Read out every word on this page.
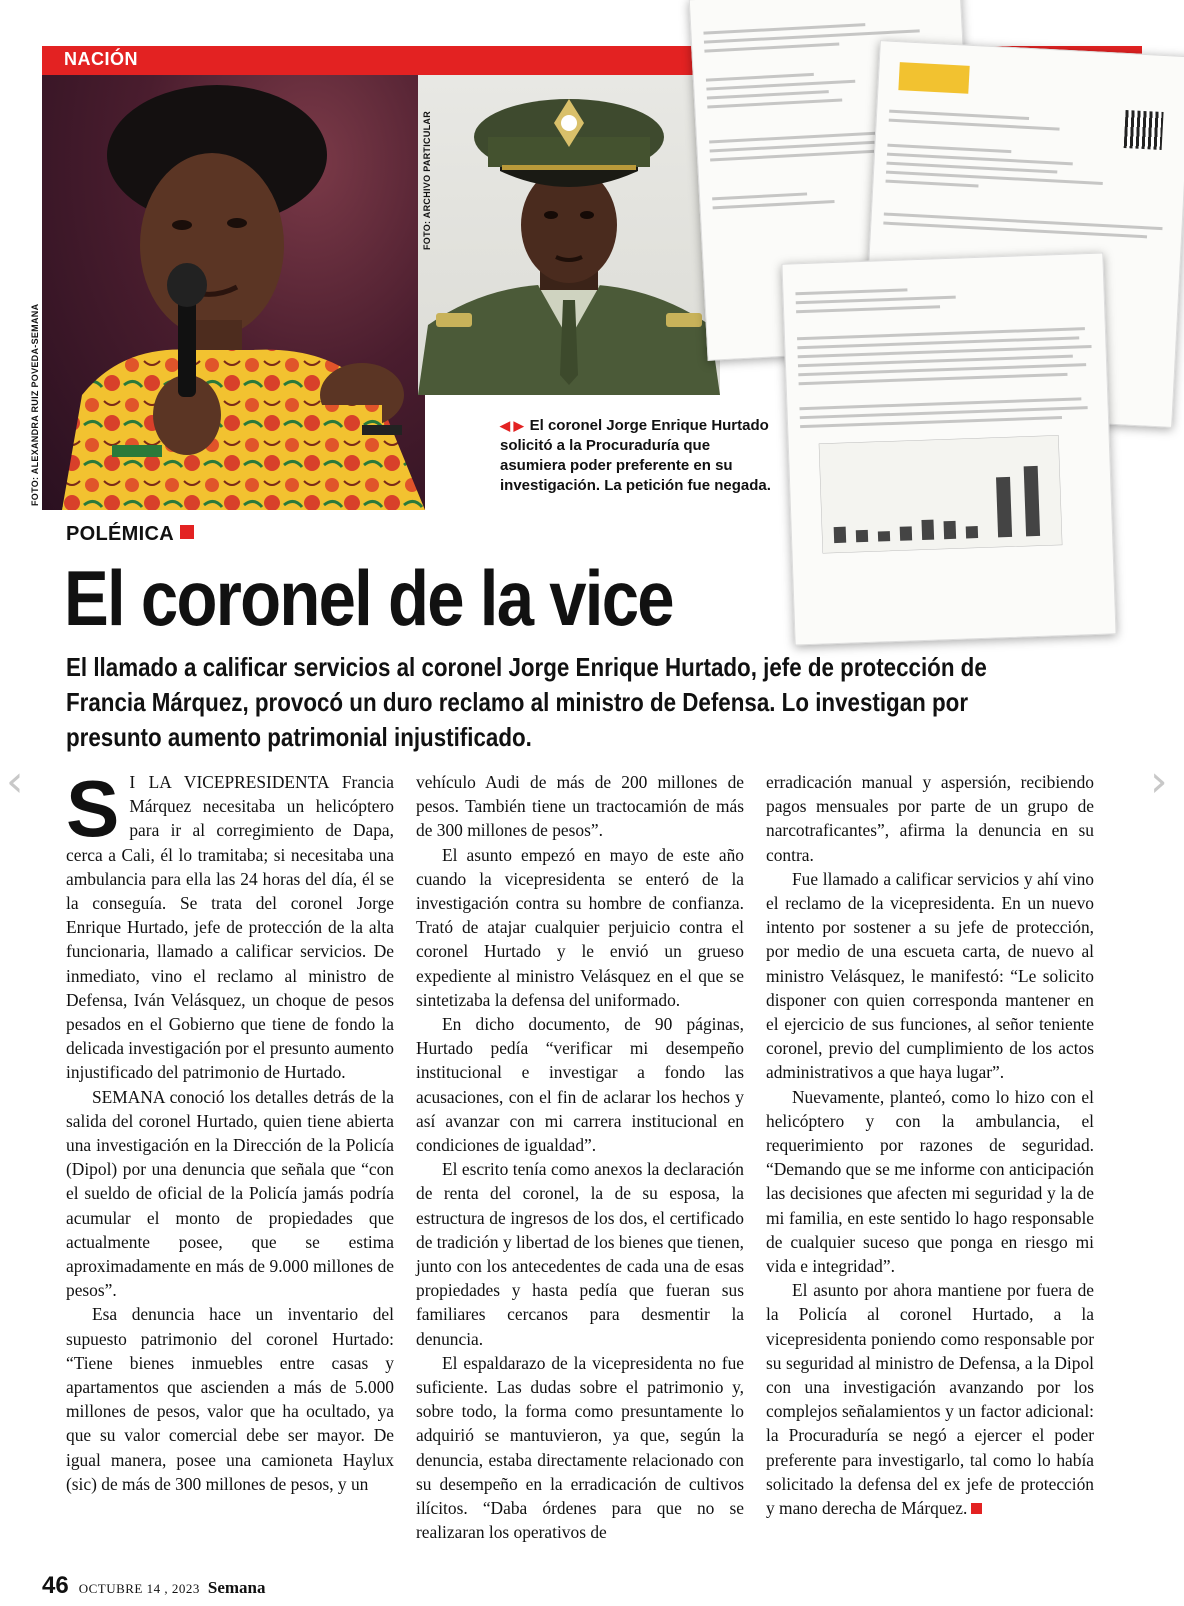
NACIÓN
FOTO: ALEXANDRA RUIZ POVEDA-SEMANA
FOTO: ARCHIVO PARTICULAR
◀ ▶ El coronel Jorge Enrique Hurtado solicitó a la Procuraduría que asumiera poder preferente en su investigación. La petición fue negada.
POLÉMICA
El coronel de la vice
El llamado a calificar servicios al coronel Jorge Enrique Hurtado, jefe de protección de Francia Márquez, provocó un duro reclamo al ministro de Defensa. Lo investigan por presunto aumento patrimonial injustificado.
‹	›

S I LA VICEPRESIDENTA Francia Márquez necesitaba un helicóptero para ir al corregimiento de Dapa, cerca a Cali, él lo tramitaba; si necesitaba una ambulancia para ella las 24 horas del día, él se la conseguía. Se trata del coronel Jorge Enrique Hurtado, jefe de protección de la alta funcionaria, llamado a calificar servicios. De inmediato, vino el reclamo al ministro de Defensa, Iván Velásquez, un choque de pesos pesados en el Gobierno que tiene de fondo la delicada investigación por el presunto aumento injustificado del patrimonio de Hurtado.

SEMANA conoció los detalles detrás de la salida del coronel Hurtado, quien tiene abierta una investigación en la Dirección de la Policía (Dipol) por una denuncia que señala que “con el sueldo de oficial de la Policía jamás podría acumular el monto de propiedades que actualmente posee, que se estima aproximadamente en más de 9.000 millones de pesos”.

Esa denuncia hace un inventario del supuesto patrimonio del coronel Hurtado: “Tiene bienes inmuebles entre casas y apartamentos que ascienden a más de 5.000 millones de pesos, valor que ha ocultado, ya que su valor comercial debe ser mayor. De igual manera, posee una camioneta Haylux (sic) de más de 300 millones de pesos, y un

vehículo Audi de más de 200 millones de pesos. También tiene un tractocamión de más de 300 millones de pesos”.

El asunto empezó en mayo de este año cuando la vicepresidenta se enteró de la investigación contra su hombre de confianza. Trató de atajar cualquier perjuicio contra el coronel Hurtado y le envió un grueso expediente al ministro Velásquez en el que se sintetizaba la defensa del uniformado.

En dicho documento, de 90 páginas, Hurtado pedía “verificar mi desempeño institucional e investigar a fondo las acusaciones, con el fin de aclarar los hechos y así avanzar con mi carrera institucional en condiciones de igualdad”.

El escrito tenía como anexos la declaración de renta del coronel, la de su esposa, la estructura de ingresos de los dos, el certificado de tradición y libertad de los bienes que tienen, junto con los antecedentes de cada una de esas propiedades y hasta pedía que fueran sus familiares cercanos para desmentir la denuncia.

El espaldarazo de la vicepresidenta no fue suficiente. Las dudas sobre el patrimonio y, sobre todo, la forma como presuntamente lo adquirió se mantuvieron, ya que, según la denuncia, estaba directamente relacionado con su desempeño en la erradicación de cultivos ilícitos. “Daba órdenes para que no se realizaran los operativos de

erradicación manual y aspersión, recibiendo pagos mensuales por parte de un grupo de narcotraficantes”, afirma la denuncia en su contra.

Fue llamado a calificar servicios y ahí vino el reclamo de la vicepresidenta. En un nuevo intento por sostener a su jefe de protección, por medio de una escueta carta, de nuevo al ministro Velásquez, le manifestó: “Le solicito disponer con quien corresponda mantener en el ejercicio de sus funciones, al señor teniente coronel, previo del cumplimiento de los actos administrativos a que haya lugar”.

Nuevamente, planteó, como lo hizo con el helicóptero y con la ambulancia, el requerimiento por razones de seguridad. “Demando que se me informe con anticipación las decisiones que afecten mi seguridad y la de mi familia, en este sentido lo hago responsable de cualquier suceso que ponga en riesgo mi vida e integridad”.

El asunto por ahora mantiene por fuera de la Policía al coronel Hurtado, a la vicepresidenta poniendo como responsable por su seguridad al ministro de Defensa, a la Dipol con una investigación avanzando por los complejos señalamientos y un factor adicional: la Procuraduría se negó a ejercer el poder preferente para investigarlo, tal como lo había solicitado la defensa del ex jefe de protección y mano derecha de Márquez.

46 OCTUBRE 14 , 2023 Semana
